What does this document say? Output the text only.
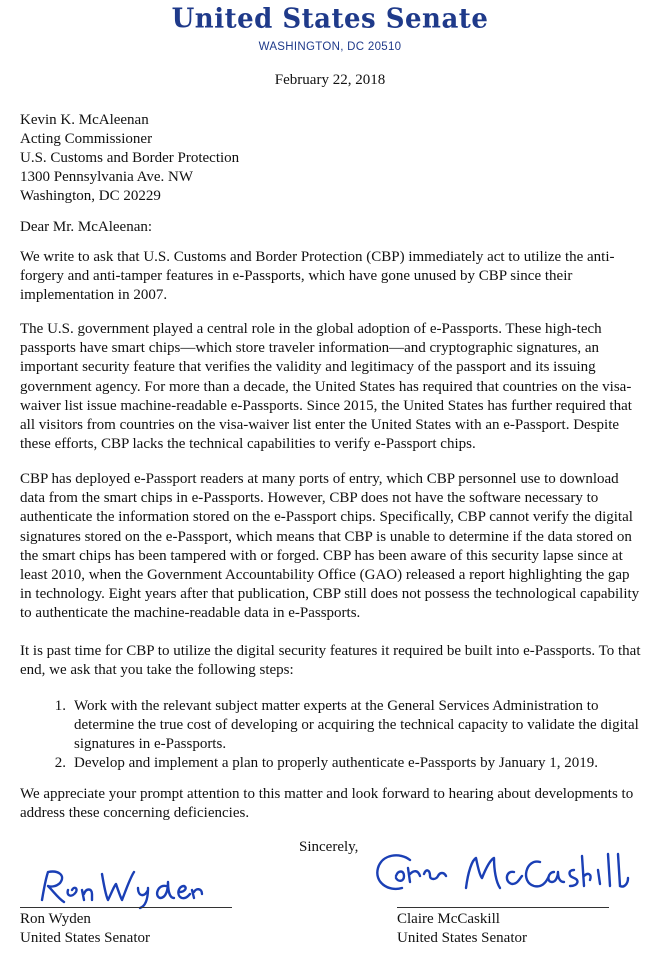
United States Senate
WASHINGTON, DC 20510
February 22, 2018
Kevin K. McAleenan
Acting Commissioner
U.S. Customs and Border Protection
1300 Pennsylvania Ave. NW
Washington, DC 20229
Dear Mr. McAleenan:

We write to ask that U.S. Customs and Border Protection (CBP) immediately act to utilize the anti-forgery and anti-tamper features in e-Passports, which have gone unused by CBP since their implementation in 2007.

The U.S. government played a central role in the global adoption of e-Passports. These high-tech passports have smart chips—which store traveler information—and cryptographic signatures, an important security feature that verifies the validity and legitimacy of the passport and its issuing government agency. For more than a decade, the United States has required that countries on the visa-waiver list issue machine-readable e-Passports. Since 2015, the United States has further required that all visitors from countries on the visa-waiver list enter the United States with an e-Passport. Despite these efforts, CBP lacks the technical capabilities to verify e-Passport chips.

CBP has deployed e-Passport readers at many ports of entry, which CBP personnel use to download data from the smart chips in e-Passports. However, CBP does not have the software necessary to authenticate the information stored on the e-Passport chips. Specifically, CBP cannot verify the digital signatures stored on the e-Passport, which means that CBP is unable to determine if the data stored on the smart chips has been tampered with or forged. CBP has been aware of this security lapse since at least 2010, when the Government Accountability Office (GAO) released a report highlighting the gap in technology. Eight years after that publication, CBP still does not possess the technological capability to authenticate the machine-readable data in e-Passports.

It is past time for CBP to utilize the digital security features it required be built into e-Passports. To that end, we ask that you take the following steps:

1. Work with the relevant subject matter experts at the General Services Administration to determine the true cost of developing or acquiring the technical capacity to validate the digital signatures in e-Passports.
2. Develop and implement a plan to properly authenticate e-Passports by January 1, 2019.

We appreciate your prompt attention to this matter and look forward to hearing about developments to address these concerning deficiencies.

Sincerely,
Ron Wyden
United States Senator
Claire McCaskill
United States Senator
